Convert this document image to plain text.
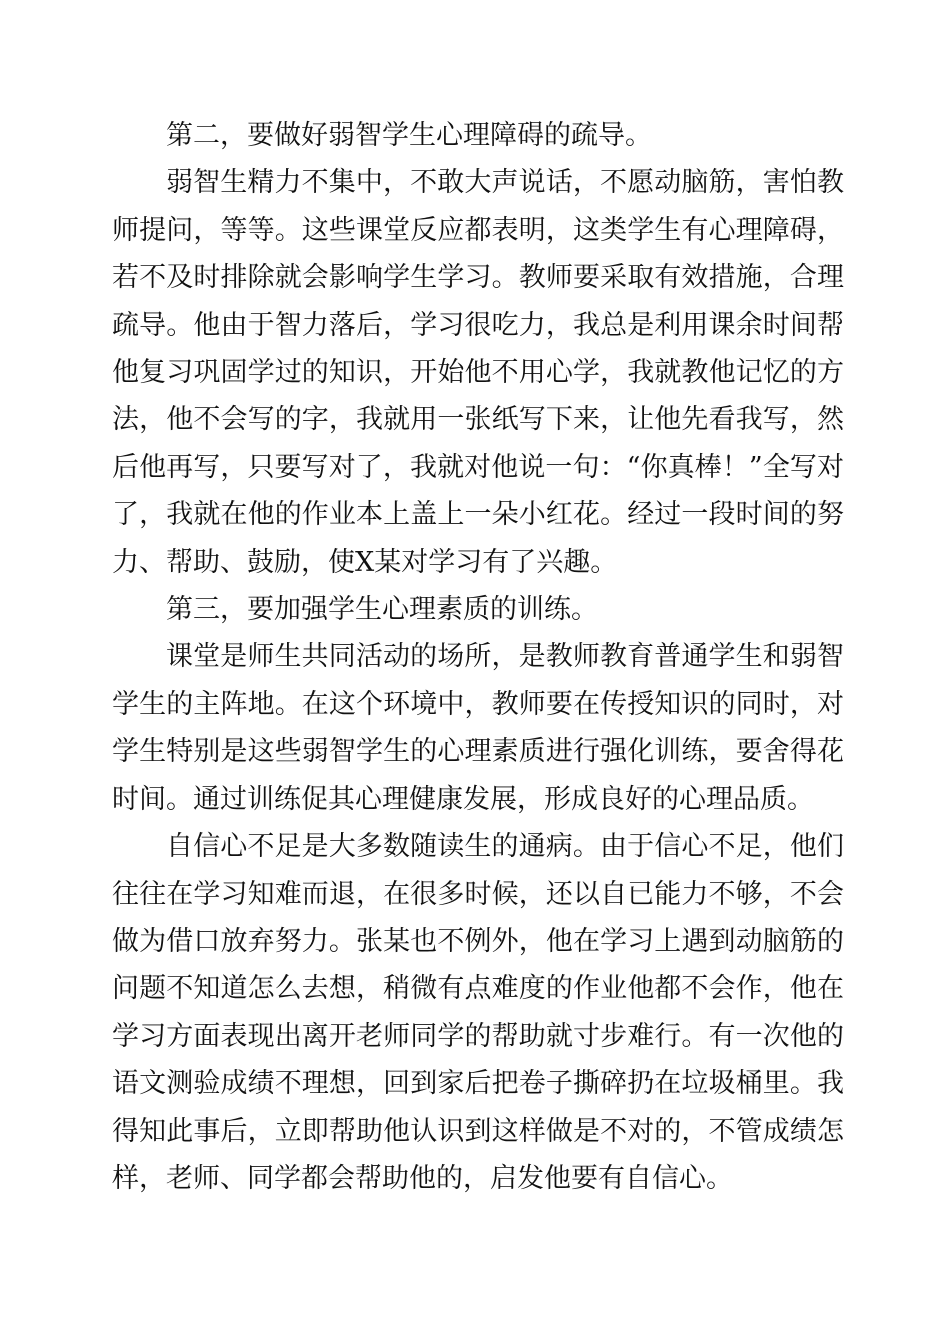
第二，要做好弱智学生心理障碍的疏导。

弱智生精力不集中，不敢大声说话，不愿动脑筋，害怕教师提问，等等。这些课堂反应都表明，这类学生有心理障碍，若不及时排除就会影响学生学习。教师要采取有效措施，合理疏导。他由于智力落后，学习很吃力，我总是利用课余时间帮他复习巩固学过的知识，开始他不用心学，我就教他记忆的方法，他不会写的字，我就用一张纸写下来，让他先看我写，然后他再写，只要写对了，我就对他说一句：“你真棒！”全写对了，我就在他的作业本上盖上一朵小红花。经过一段时间的努力、帮助、鼓励，使X某对学习有了兴趣。

第三，要加强学生心理素质的训练。

课堂是师生共同活动的场所，是教师教育普通学生和弱智学生的主阵地。在这个环境中，教师要在传授知识的同时，对学生特别是这些弱智学生的心理素质进行强化训练，要舍得花时间。通过训练促其心理健康发展，形成良好的心理品质。

自信心不足是大多数随读生的通病。由于信心不足，他们往往在学习知难而退，在很多时候，还以自已能力不够，不会做为借口放弃努力。张某也不例外，他在学习上遇到动脑筋的问题不知道怎么去想，稍微有点难度的作业他都不会作，他在学习方面表现出离开老师同学的帮助就寸步难行。有一次他的语文测验成绩不理想，回到家后把卷子撕碎扔在垃圾桶里。我得知此事后，立即帮助他认识到这样做是不对的，不管成绩怎样，老师、同学都会帮助他的，启发他要有自信心。
